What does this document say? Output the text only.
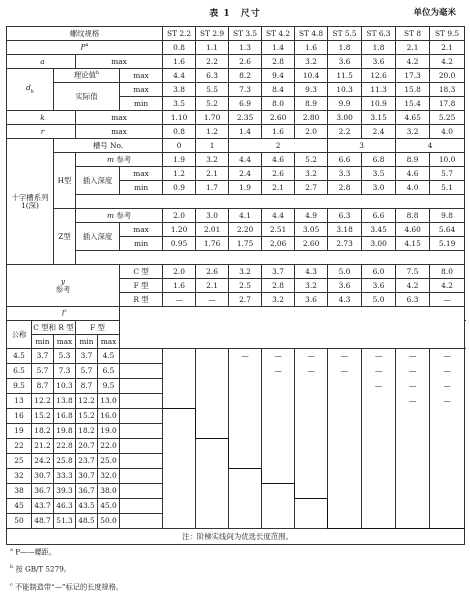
表 1　尺寸	单位为毫米
螺纹规格						ST 2.2	ST 2.9	ST 3.5	ST 4.2	ST 4.8	ST 5.5	ST 6.3	ST 8	ST 9.5	
$P^a$						0.8	1.1	1.3	1.4	1.6	1.8	1.8	2.1	2.1	
a			max			1.6	2.2	2.6	2.8	3.2	3.6	3.6	4.2	4.2	
$d_k$		理论值$^b$			max	4.4	6.3	8.2	9.4	10.4	11.5	12.6	17.3	20.0	
		实际值			max	3.8	5.5	7.3	8.4	9.3	10.3	11.3	15.8	18.3	
					min	3.5	5.2	6.9	8.0	8.9	9.9	10.9	15.4	17.8	
k			max			1.10	1.70	2.35	2.60	2.80	3.00	3.15	4.65	5.25	
r			max			0.8	1.2	1.4	1.6	2.0	2.2	2.4	3.2	4.0	
十字槽系列1(深)		槽号 No.				0	1	2			3		4		
		H型	m 参考			1.9	3.2	4.4	4.6	5.2	6.6	6.8	8.9	10.0	
			插入深度		max	1.2	2.1	2.4	2.6	3.2	3.3	3.5	4.6	5.7	
					min	0.9	1.7	1.9	2.1	2.7	2.8	3.0	4.0	5.1	

		Z型	m 参考			2.0	3.0	4.1	4.4	4.9	6.3	6.6	8.8	9.8	
			插入深度		max	1.20	2.01	2.20	2.51	3.05	3.18	3.45	4.60	5.64	
					min	0.95	1.76	1.75	2.06	2.60	2.73	3.00	4.15	5.19	

y
参考					C 型	2.0	2.6	3.2	3.7	4.3	5.0	6.0	7.5	8.0	
					F 型	1.6	2.1	2.5	2.8	3.2	3.6	3.6	4.2	4.2	
					R 型	—	—	2.7	3.2	3.6	4.3	5.0	6.3	—	
$l^c$	
公称	C 型和 R 型		F 型												
	min	max	min	max											
4.5	3.7	5.3	3.7	4.5				—	—	—	—	—	—	—	
6.5	5.7	7.3	5.7	6.5					—	—	—	—	—	—	
9.5	8.7	10.3	8.7	9.5								—	—	—	
13	12.2	13.8	12.2	13.0									—	—	
16	15.2	16.8	15.2	16.0											
19	18.2	19.8	18.2	19.0											
22	21.2	22.8	20.7	22.0											
25	24.2	25.8	23.7	25.0											
32	30.7	33.3	30.7	32.0											
38	36.7	39.3	36.7	38.0											
45	43.7	46.3	43.5	45.0											
50	48.7	51.3	48.5	50.0											
注：阶梯实线间为优选长度范围。															
$^a$ P——螺距。
$^b$ 按 GB/T 5279。
$^c$ 不能制造带“—”标记的长度规格。
